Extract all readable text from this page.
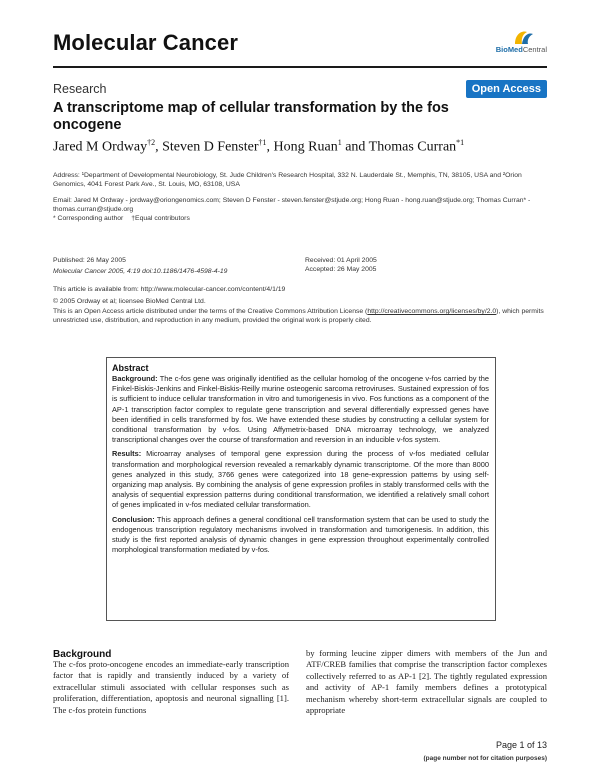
Molecular Cancer	BioMedCentral
Research	Open Access
A transcriptome map of cellular transformation by the fos oncogene
Jared M Ordway$^{\dagger 2}$, Steven D Fenster$^{\dagger 1}$, Hong Ruan$^1$ and Thomas Curran$^{*1}$
Address: ¹Department of Developmental Neurobiology, St. Jude Children's Research Hospital, 332 N. Lauderdale St., Memphis, TN, 38105, USA and ²Orion Genomics, 4041 Forest Park Ave., St. Louis, MO, 63108, USA
Email: Jared M Ordway - jordway@oriongenomics.com; Steven D Fenster - steven.fenster@stjude.org; Hong Ruan - hong.ruan@stjude.org; Thomas Curran* - thomas.curran@stjude.org
* Corresponding author †Equal contributors
Published: 26 May 2005
Molecular Cancer 2005, 4:19 doi:10.1186/1476-4598-4-19
Received: 01 April 2005
Accepted: 26 May 2005
This article is available from: http://www.molecular-cancer.com/content/4/1/19
© 2005 Ordway et al; licensee BioMed Central Ltd.
This is an Open Access article distributed under the terms of the Creative Commons Attribution License (http://creativecommons.org/licenses/by/2.0), which permits unrestricted use, distribution, and reproduction in any medium, provided the original work is properly cited.
Abstract

Background: The c-fos gene was originally identified as the cellular homolog of the oncogene v-fos carried by the Finkel-Biskis-Jenkins and Finkel-Biskis-Reilly murine osteogenic sarcoma retroviruses. Sustained expression of fos is sufficient to induce cellular transformation in vitro and tumorigenesis in vivo. Fos functions as a component of the AP-1 transcription factor complex to regulate gene transcription and several differentially expressed genes have been identified in cells transformed by fos. We have extended these studies by constructing a cellular system for conditional transformation by v-fos. Using Affymetrix-based DNA microarray technology, we analyzed transcriptional changes over the course of transformation and reversion in an inducible v-fos system.

Results: Microarray analyses of temporal gene expression during the process of v-fos mediated cellular transformation and morphological reversion revealed a remarkably dynamic transcriptome. Of the more than 8000 genes analyzed in this study, 3766 genes were categorized into 18 gene-expression patterns by using self-organizing map analysis. By combining the analysis of gene expression profiles in stably transformed cells with the analysis of sequential expression patterns during conditional transformation, we identified a relatively small cohort of genes implicated in v-fos mediated cellular transformation.

Conclusion: This approach defines a general conditional cell transformation system that can be used to study the endogenous transcription regulatory mechanisms involved in transformation and tumorigenesis. In addition, this study is the first reported analysis of dynamic changes in gene expression throughout experimentally controlled morphological transformation mediated by v-fos.

Background
The c-fos proto-oncogene encodes an immediate-early transcription factor that is rapidly and transiently induced by a variety of extracellular stimuli associated with cellular responses such as proliferation, differentiation, apoptosis and neuronal signalling [1]. The c-fos protein functions
by forming leucine zipper dimers with members of the Jun and ATF/CREB families that comprise the transcription factor complexes collectively referred to as AP-1 [2]. The tightly regulated expression and activity of AP-1 family members defines a prototypical mechanism whereby short-term extracellular signals are coupled to appropriate
Page 1 of 13
(page number not for citation purposes)
